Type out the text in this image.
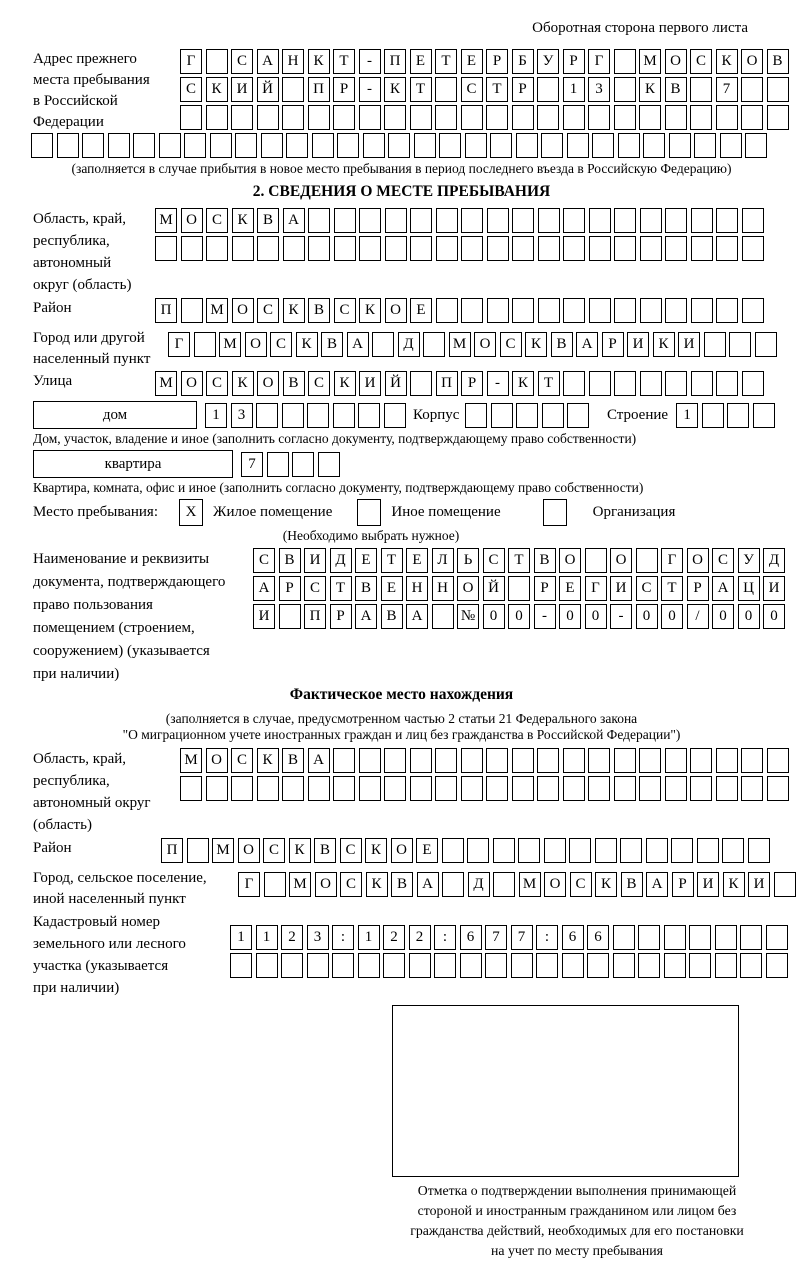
Оборотная сторона первого листа
Адрес прежнего
места пребывания
в Российской
Федерации
Г	С	А Н	К	Т	-	П	Е	Т	Е	Р	Б	У	Р	Г	М О	С	К	О	В
С	К	И Й	П	Р	-	К	Т	С	Т	Р	1	3	К	В	7
(заполняется в случае прибытия в новое место пребывания в период последнего въезда в Российскую Федерацию)
2. СВЕДЕНИЯ О МЕСТЕ ПРЕБЫВАНИЯ
Область, край,
республика,
автономный
округ (область)
М О	С	К	В	А
Район	П	М О	С	К	В	С	К	О	Е
Город или другой
населенный пункт
Г	М О	С	К	В	А	Д	М О	С	К	В	А	Р	И	К	И
Улица	М О	С	К	О	В	С	К	И Й	П	Р	-	К	Т
дом	1	3	Корпус	Строение	1
Дом, участок, владение и иное (заполнить согласно документу, подтверждающему право собственности)
квартира	7
Квартира, комната, офис и иное (заполнить согласно документу, подтверждающему право собственности)
Место пребывания:	X	Жилое помещение	Иное помещение	Организация
(Необходимо выбрать нужное)
Наименование и реквизиты
документа, подтверждающего
право пользования
помещением (строением,
сооружением) (указывается
при наличии)
С	В	И Д	Е	Т	Е	Л	Ь	С	Т	В	О	О	Г	О	С	У	Д
А	Р	С	Т	В	Е	Н Н О Й	Р	Е	Г	И	С	Т	Р	А Ц И
И	П	Р	А	В	А	№ 0	0	-	0	0	-	0	0	/	0	0	0
Фактическое место нахождения
(заполняется в случае, предусмотренном частью 2 статьи 21 Федерального закона
"О миграционном учете иностранных граждан и лиц без гражданства в Российской Федерации")
Область, край,
республика,
автономный округ
(область)
М О	С	К	В	А
Район	П	М О	С	К	В	С	К	О	Е
Город, сельское поселение,
иной населенный пункт
Г	М О	С	К	В	А	Д	М О	С	К	В	А	Р	И	К	И
Кадастровый номер
земельного или лесного
участка (указывается
при наличии)
1	1	2	3	:	1	2	2	:	6	7	7	:	6	6
Отметка о подтверждении выполнения принимающей
стороной и иностранным гражданином или лицом без
гражданства действий, необходимых для его постановки
на учет по месту пребывания
